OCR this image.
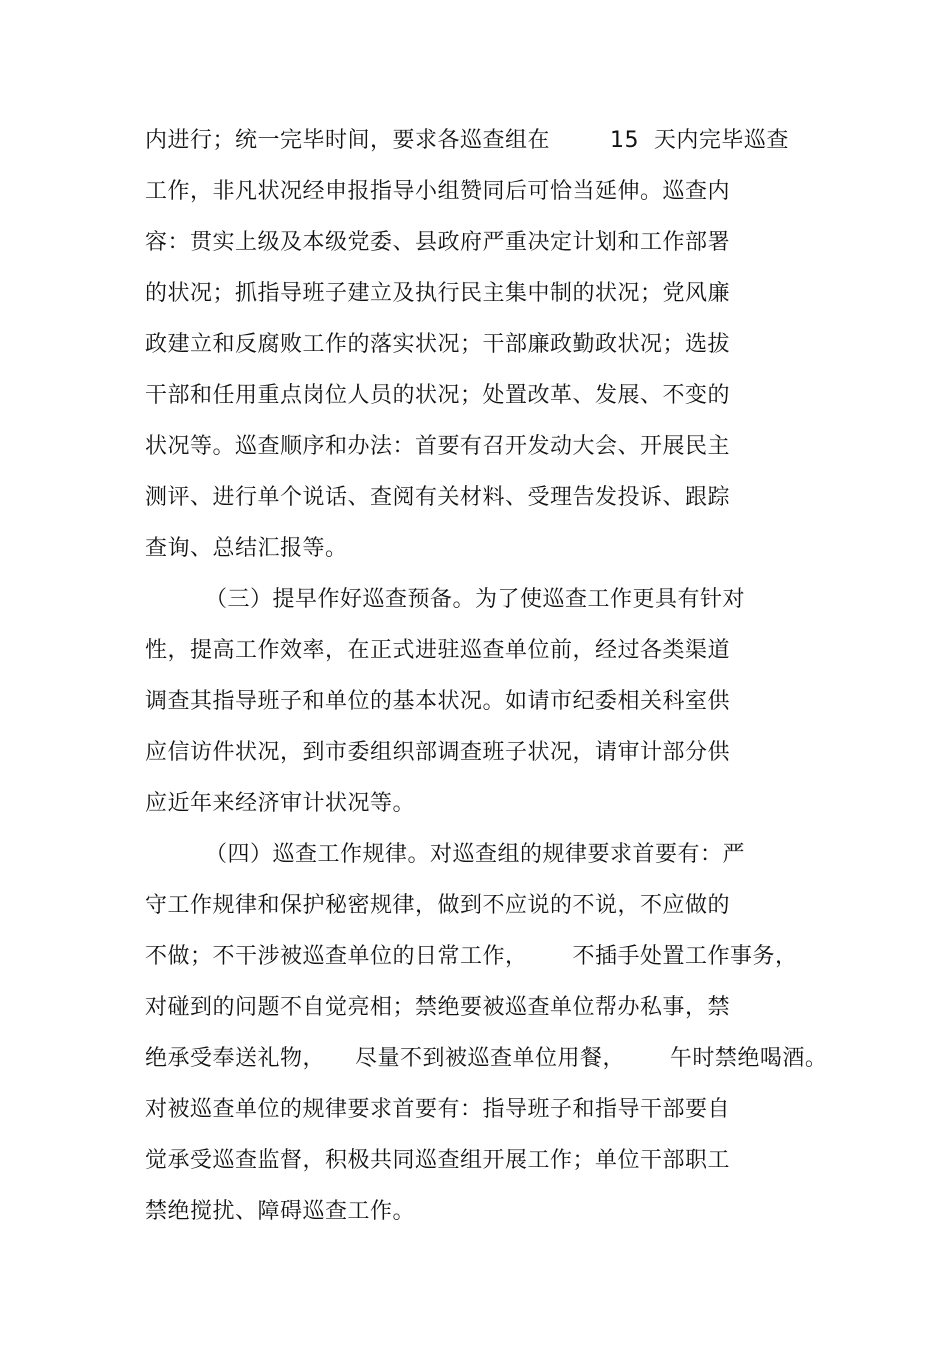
内进行；统一完毕时间，要求各巡查组在        15  天内完毕巡查
工作，非凡状况经申报指导小组赞同后可恰当延伸。巡查内
容：贯实上级及本级党委、县政府严重决定计划和工作部署
的状况；抓指导班子建立及执行民主集中制的状况；党风廉
政建立和反腐败工作的落实状况；干部廉政勤政状况；选拔
干部和任用重点岗位人员的状况；处置改革、发展、不变的
状况等。巡查顺序和办法：首要有召开发动大会、开展民主
测评、进行单个说话、查阅有关材料、受理告发投诉、跟踪
查询、总结汇报等。
（三）提早作好巡查预备。为了使巡查工作更具有针对
性，提高工作效率，在正式进驻巡查单位前，经过各类渠道
调查其指导班子和单位的基本状况。如请市纪委相关科室供
应信访件状况，到市委组织部调查班子状况，请审计部分供
应近年来经济审计状况等。
（四）巡查工作规律。对巡查组的规律要求首要有：严
守工作规律和保护秘密规律，做到不应说的不说，不应做的
不做；不干涉被巡查单位的日常工作，      不插手处置工作事务，
对碰到的问题不自觉亮相；禁绝要被巡查单位帮办私事，禁
绝承受奉送礼物，    尽量不到被巡查单位用餐，      午时禁绝喝酒。
对被巡查单位的规律要求首要有：指导班子和指导干部要自
觉承受巡查监督，积极共同巡查组开展工作；单位干部职工
禁绝搅扰、障碍巡查工作。
